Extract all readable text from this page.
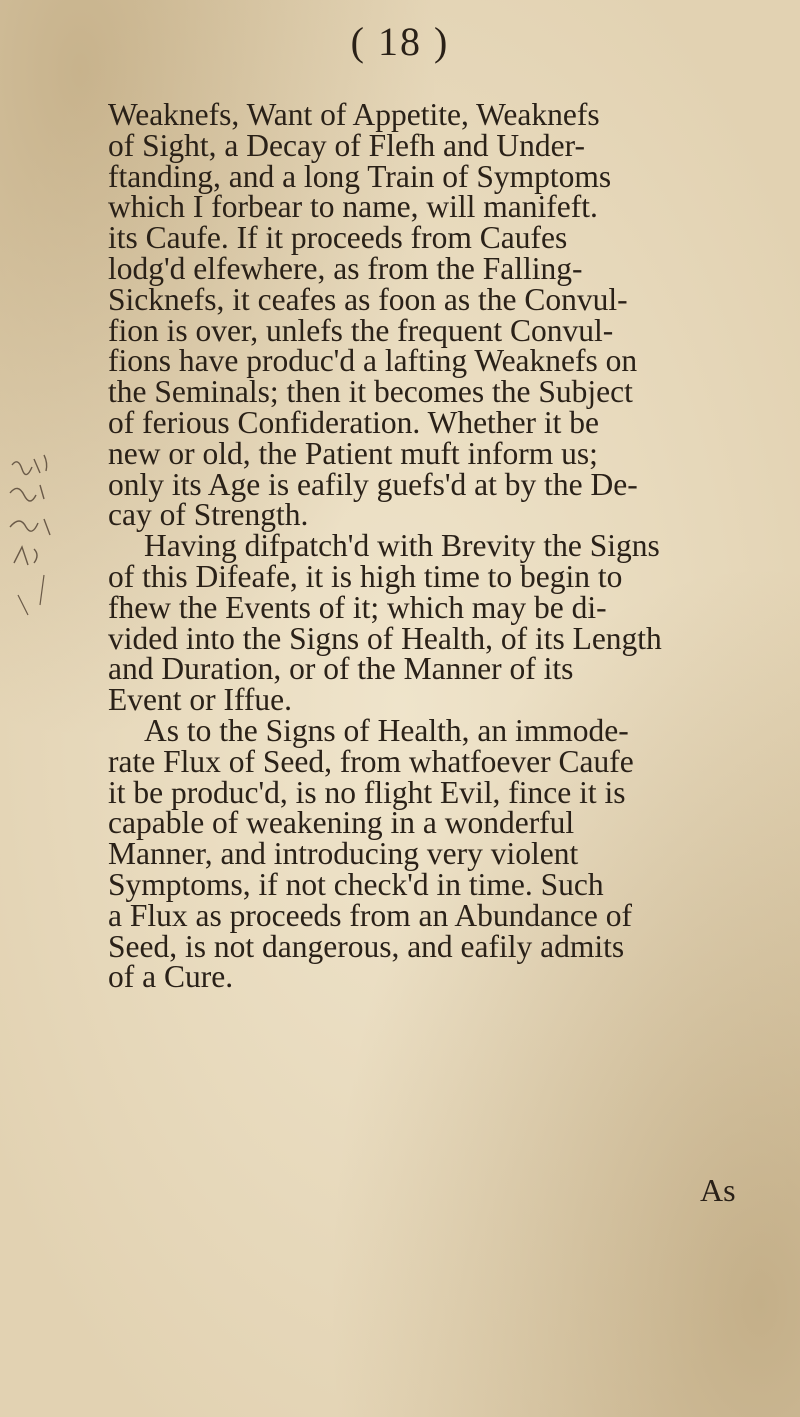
( 18 )
Weaknefs, Want of Appetite, Weaknefs
of Sight, a Decay of Flefh and Under-
ftanding, and a long Train of Symptoms
which I forbear to name, will manifeft.
its Caufe. If it proceeds from Caufes
lodg'd elfewhere, as from the Falling-
Sicknefs, it ceafes as foon as the Convul-
fion is over, unlefs the frequent Convul-
fions have produc'd a lafting Weaknefs on
the Seminals; then it becomes the Subject
of ferious Confideration. Whether it be
new or old, the Patient muft inform us;
only its Age is eafily guefs'd at by the De-
cay of Strength.
Having difpatch'd with Brevity the Signs
of this Difeafe, it is high time to begin to
fhew the Events of it; which may be di-
vided into the Signs of Health, of its Length
and Duration, or of the Manner of its
Event or Iffue.
As to the Signs of Health, an immode-
rate Flux of Seed, from whatfoever Caufe
it be produc'd, is no flight Evil, fince it is
capable of weakening in a wonderful
Manner, and introducing very violent
Symptoms, if not check'd in time. Such
a Flux as proceeds from an Abundance of
Seed, is not dangerous, and eafily admits
of a Cure.
As
